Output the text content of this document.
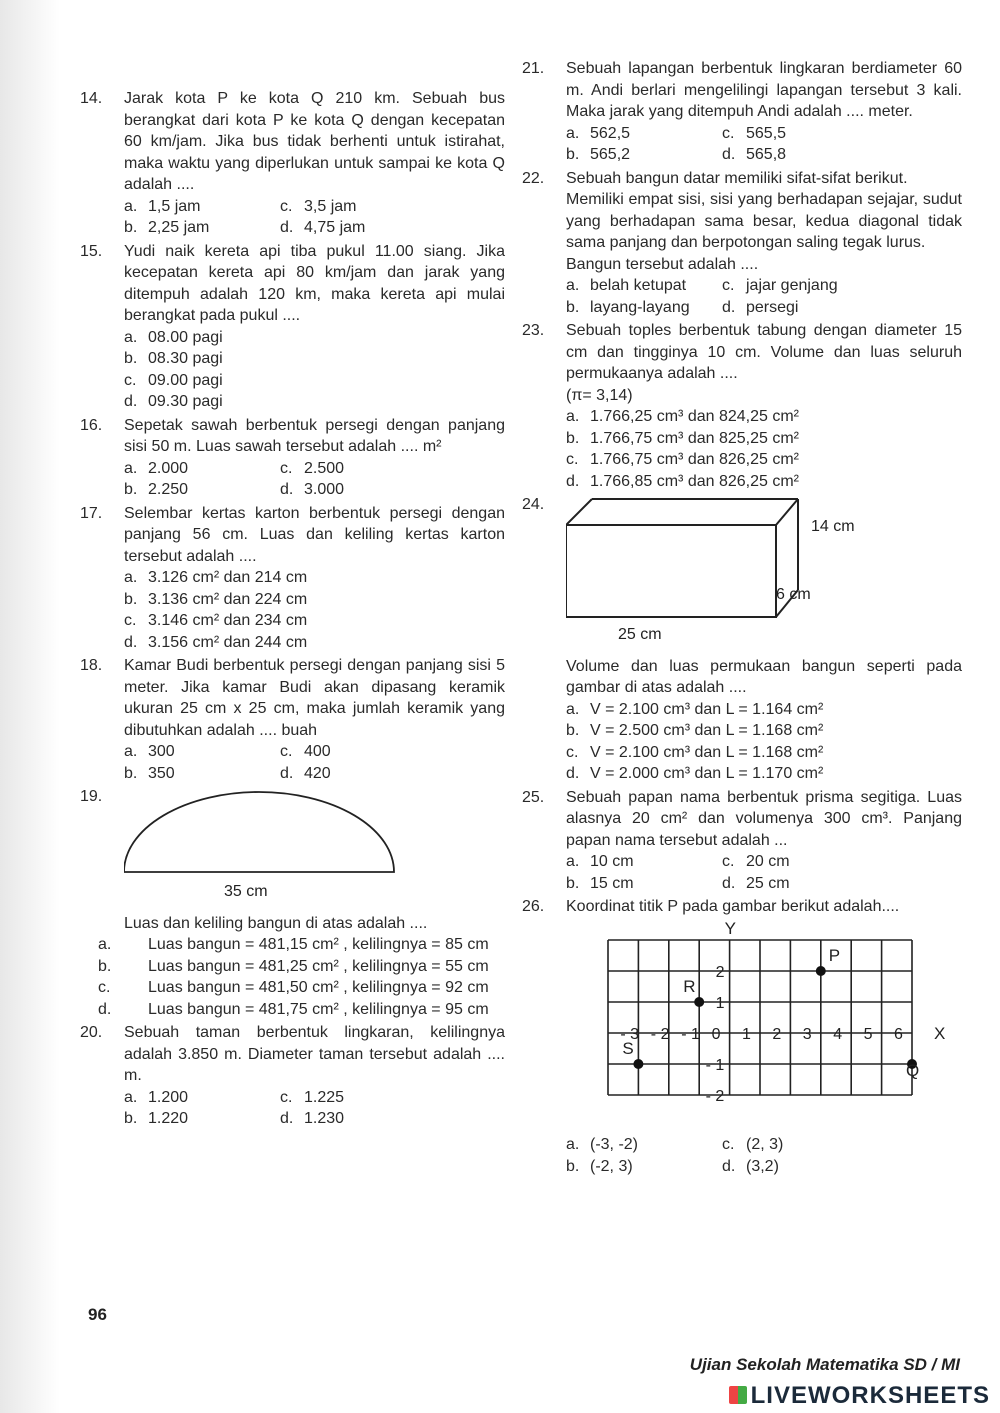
14. Jarak kota P ke kota Q 210 km. Sebuah bus berangkat dari kota P ke kota Q dengan kecepatan 60 km/jam. Jika bus tidak berhenti untuk istirahat, maka waktu yang diperlukan untuk sampai ke kota Q adalah ....
a. 1,5 jam	c. 3,5 jam
b. 2,25 jam	d. 4,75 jam
15. Yudi naik kereta api tiba pukul 11.00 siang. Jika kecepatan kereta api 80 km/jam dan jarak yang ditempuh adalah 120 km, maka kereta api mulai berangkat pada pukul ....
a. 08.00 pagi
b. 08.30 pagi
c. 09.00 pagi
d. 09.30 pagi
16. Sepetak sawah berbentuk persegi dengan panjang sisi 50 m. Luas sawah tersebut adalah .... m²
a. 2.000	c. 2.500
b. 2.250	d. 3.000
17. Selembar kertas karton berbentuk persegi dengan panjang 56 cm. Luas dan keliling kertas karton tersebut adalah ....
a. 3.126 cm² dan 214 cm
b. 3.136 cm² dan 224 cm
c. 3.146 cm² dan 234 cm
d. 3.156 cm² dan 244 cm
18. Kamar Budi berbentuk persegi dengan panjang sisi 5 meter. Jika kamar Budi akan dipasang keramik ukuran 25 cm x 25 cm, maka jumlah keramik yang dibutuhkan adalah .... buah
a. 300	c. 400
b. 350	d. 420
19.
35 cm
Luas dan keliling bangun di atas adalah ....
a. Luas bangun = 481,15 cm² , kelilingnya = 85 cm
b. Luas bangun = 481,25 cm² , kelilingnya = 55 cm
c. Luas bangun = 481,50 cm² , kelilingnya = 92 cm
d. Luas bangun = 481,75 cm² , kelilingnya = 95 cm
20. Sebuah taman berbentuk lingkaran, kelilingnya adalah 3.850 m. Diameter taman tersebut adalah .... m.
a. 1.200	c. 1.225
b. 1.220	d. 1.230
21. Sebuah lapangan berbentuk lingkaran berdiameter 60 m. Andi berlari mengelilingi lapangan tersebut 3 kali. Maka jarak yang ditempuh Andi adalah .... meter.
a. 562,5	c. 565,5
b. 565,2	d. 565,8
22. Sebuah bangun datar memiliki sifat-sifat berikut.
Memiliki empat sisi, sisi yang berhadapan sejajar, sudut yang berhadapan sama besar, kedua diagonal tidak sama panjang dan berpotongan saling tegak lurus.
Bangun tersebut adalah ....
a. belah ketupat	c. jajar genjang
b. layang-layang	d. persegi
23. Sebuah toples berbentuk tabung dengan diameter 15 cm dan tingginya 10 cm. Volume dan luas seluruh permukaanya adalah ....
(π= 3,14)
a. 1.766,25 cm³ dan 824,25 cm²
b. 1.766,75 cm³ dan 825,25 cm²
c. 1.766,75 cm³ dan 826,25 cm²
d. 1.766,85 cm³ dan 826,25 cm²
24.
14 cm
6 cm
25 cm
Volume dan luas permukaan bangun seperti pada gambar di atas adalah ....
a. V = 2.100 cm³ dan L = 1.164 cm²
b. V = 2.500 cm³ dan L = 1.168 cm²
c. V = 2.100 cm³ dan L = 1.168 cm²
d. V = 2.000 cm³ dan L = 1.170 cm²
25. Sebuah papan nama berbentuk prisma segitiga. Luas alasnya 20 cm² dan volumenya 300 cm³. Panjang papan nama tersebut adalah ...
a. 10 cm	c. 20 cm
b. 15 cm	d. 25 cm
26. Koordinat titik P pada gambar berikut adalah....
Y
X
- 3 - 2 - 1 0 1 2 3 4 5 6
2
1
- 1
- 2
P
R
S
Q
a. (-3, -2)	c. (2, 3)
b. (-2, 3)	d. (3,2)
96
Ujian Sekolah Matematika SD / MI
LIVEWORKSHEETS
